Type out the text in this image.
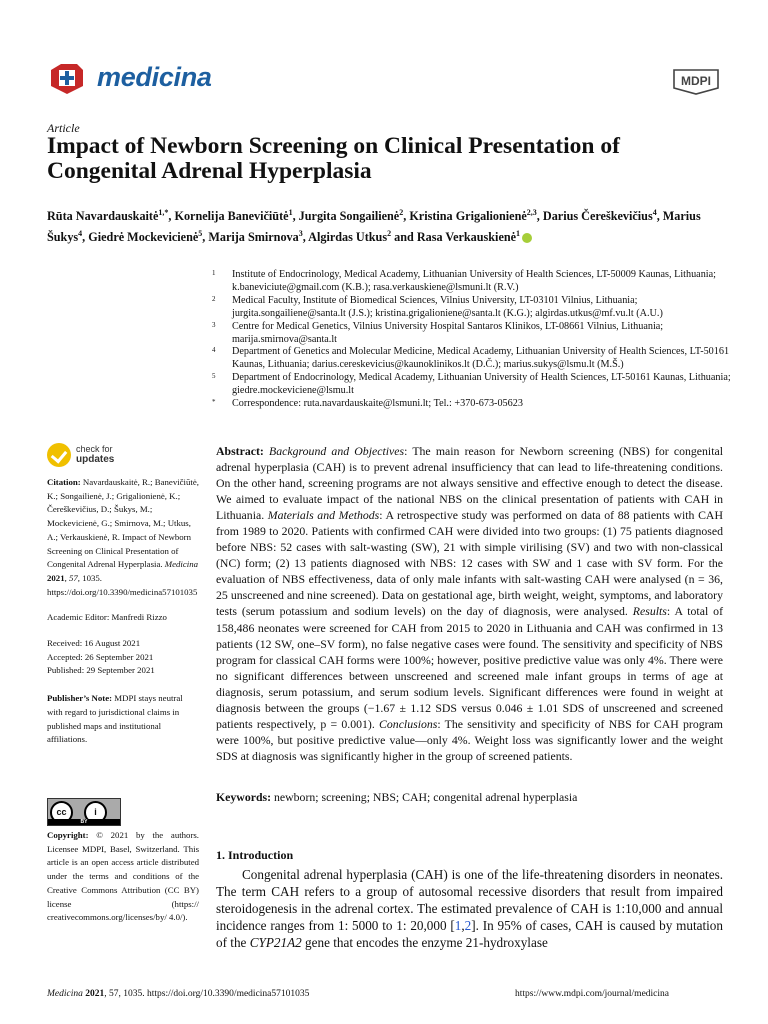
medicina	MDPI
Article
Impact of Newborn Screening on Clinical Presentation of Congenital Adrenal Hyperplasia
Rūta Navardauskaitė$^{1,*}$, Kornelija Banevičiūtė$^1$, Jurgita Songailienė$^2$, Kristina Grigalionienė$^{2,3}$, Darius Čereškevičius$^4$, Marius Šukys$^4$, Giedrė Mockevicienė$^5$, Marija Smirnova$^3$, Algirdas Utkus$^2$ and Rasa Verkauskienė$^1$
1 Institute of Endocrinology, Medical Academy, Lithuanian University of Health Sciences, LT-50009 Kaunas, Lithuania; k.baneviciute@gmail.com (K.B.); rasa.verkauskiene@lsmuni.lt (R.V.)
2 Medical Faculty, Institute of Biomedical Sciences, Vilnius University, LT-03101 Vilnius, Lithuania; jurgita.songailiene@santa.lt (J.S.); kristina.grigalioniene@santa.lt (K.G.); algirdas.utkus@mf.vu.lt (A.U.)
3 Centre for Medical Genetics, Vilnius University Hospital Santaros Klinikos, LT-08661 Vilnius, Lithuania; marija.smirnova@santa.lt
4 Department of Genetics and Molecular Medicine, Medical Academy, Lithuanian University of Health Sciences, LT-50161 Kaunas, Lithuania; darius.cereskevicius@kaunoklinikos.lt (D.Č.); marius.sukys@lsmu.lt (M.Š.)
5 Department of Endocrinology, Medical Academy, Lithuanian University of Health Sciences, LT-50161 Kaunas, Lithuania; giedre.mockeviciene@lsmu.lt
* Correspondence: ruta.navardauskaite@lsmuni.lt; Tel.: +370-673-05623
check for
updates

Citation: Navardauskaitė, R.; Banevičiūtė, K.; Songailienė, J.; Grigalionienė, K.; Čereškevičius, D.; Šukys, M.; Mockevicienė, G.; Smirnova, M.; Utkus, A.; Verkauskienė, R. Impact of Newborn Screening on Clinical Presentation of Congenital Adrenal Hyperplasia. Medicina 2021, 57, 1035. https://doi.org/10.3390/medicina57101035

Academic Editor: Manfredi Rizzo

Received: 16 August 2021
Accepted: 26 September 2021
Published: 29 September 2021

Publisher’s Note: MDPI stays neutral with regard to jurisdictional claims in published maps and institutional affiliations.

cc	i
BY
Copyright: © 2021 by the authors. Licensee MDPI, Basel, Switzerland. This article is an open access article distributed under the terms and conditions of the Creative Commons Attribution (CC BY) license (https:// creativecommons.org/licenses/by/ 4.0/).
Abstract: Background and Objectives: The main reason for Newborn screening (NBS) for congenital adrenal hyperplasia (CAH) is to prevent adrenal insufficiency that can lead to life-threatening conditions. On the other hand, screening programs are not always sensitive and effective enough to detect the disease. We aimed to evaluate impact of the national NBS on the clinical presentation of patients with CAH in Lithuania. Materials and Methods: A retrospective study was performed on data of 88 patients with CAH from 1989 to 2020. Patients with confirmed CAH were divided into two groups: (1) 75 patients diagnosed before NBS: 52 cases with salt-wasting (SW), 21 with simple virilising (SV) and two with non-classical (NC) form; (2) 13 patients diagnosed with NBS: 12 cases with SW and 1 case with SV form. For the evaluation of NBS effectiveness, data of only male infants with salt-wasting CAH were analysed (n = 36, 25 unscreened and nine screened). Data on gestational age, birth weight, weight, symptoms, and laboratory tests (serum potassium and sodium levels) on the day of diagnosis, were analysed. Results: A total of 158,486 neonates were screened for CAH from 2015 to 2020 in Lithuania and CAH was confirmed in 13 patients (12 SW, one–SV form), no false negative cases were found. The sensitivity and specificity of NBS program for classical CAH forms were 100%; however, positive predictive value was only 4%. There were no significant differences between unscreened and screened male infant groups in terms of age at diagnosis, serum potassium, and serum sodium levels. Significant differences were found in weight at diagnosis between the groups (−1.67 ± 1.12 SDS versus 0.046 ± 1.01 SDS of unscreened and screened patients respectively, p = 0.001). Conclusions: The sensitivity and specificity of NBS for CAH program were 100%, but positive predictive value—only 4%. Weight loss was significantly lower and the weight SDS at diagnosis was significantly higher in the group of screened patients.
Keywords: newborn; screening; NBS; CAH; congenital adrenal hyperplasia
1. Introduction
Congenital adrenal hyperplasia (CAH) is one of the life-threatening disorders in neonates. The term CAH refers to a group of autosomal recessive disorders that result from impaired steroidogenesis in the adrenal cortex. The estimated prevalence of CAH is 1:10,000 and annual incidence ranges from 1: 5000 to 1: 20,000 [1,2]. In 95% of cases, CAH is caused by mutation of the CYP21A2 gene that encodes the enzyme 21-hydroxylase
Medicina 2021, 57, 1035. https://doi.org/10.3390/medicina57101035	https://www.mdpi.com/journal/medicina
